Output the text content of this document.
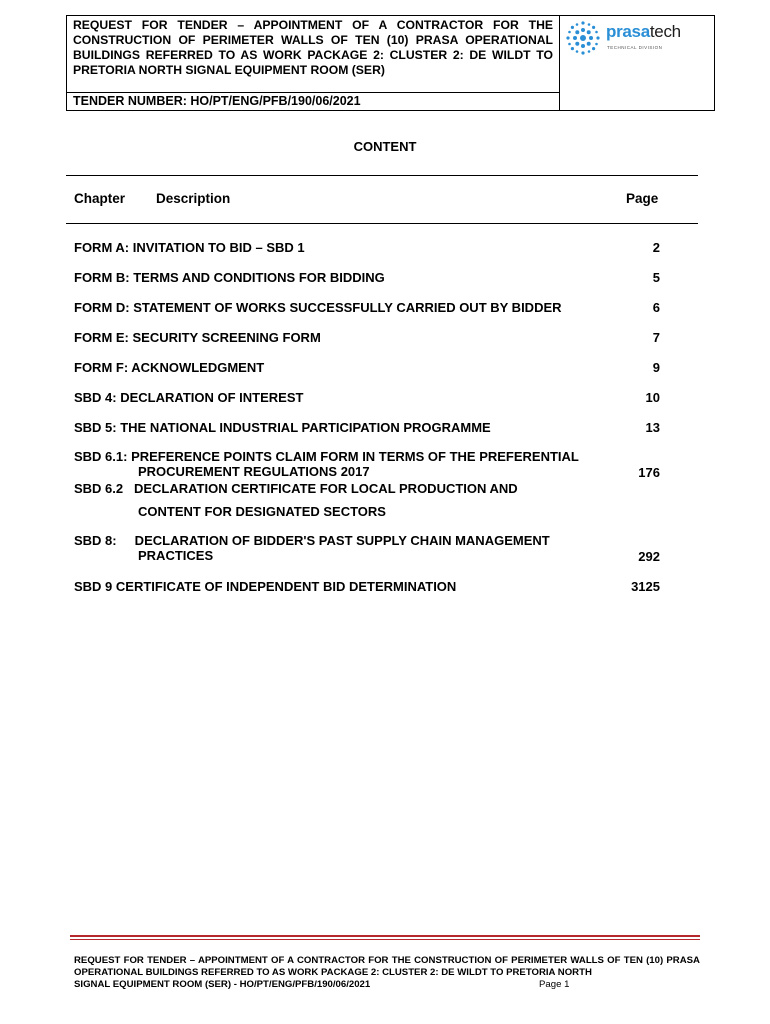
REQUEST FOR TENDER – APPOINTMENT OF A CONTRACTOR FOR THE CONSTRUCTION OF PERIMETER WALLS OF TEN (10) PRASA OPERATIONAL BUILDINGS REFERRED TO AS WORK PACKAGE 2: CLUSTER 2: DE WILDT TO PRETORIA NORTH SIGNAL EQUIPMENT ROOM (SER)
TENDER NUMBER: HO/PT/ENG/PFB/190/06/2021
prasatech
TECHNICAL DIVISION
CONTENT
Chapter Description	Page
FORM A: INVITATION TO BID – SBD 1	2
FORM B: TERMS AND CONDITIONS FOR BIDDING	5
FORM D: STATEMENT OF WORKS SUCCESSFULLY CARRIED OUT BY BIDDER	6
FORM E: SECURITY SCREENING FORM	7
FORM F: ACKNOWLEDGMENT	9
SBD 4: DECLARATION OF INTEREST	10
SBD 5: THE NATIONAL INDUSTRIAL PARTICIPATION PROGRAMME	13
SBD 6.1: PREFERENCE POINTS CLAIM FORM IN TERMS OF THE PREFERENTIAL
PROCUREMENT REGULATIONS 2017	176
SBD 6.2   DECLARATION CERTIFICATE FOR LOCAL PRODUCTION AND
CONTENT FOR DESIGNATED SECTORS
SBD 8:     DECLARATION OF BIDDER'S PAST SUPPLY CHAIN MANAGEMENT
PRACTICES	292
SBD 9 CERTIFICATE OF INDEPENDENT BID DETERMINATION	3125
REQUEST FOR TENDER – APPOINTMENT OF A CONTRACTOR FOR THE CONSTRUCTION OF PERIMETER WALLS OF TEN (10) PRASA OPERATIONAL BUILDINGS REFERRED TO AS WORK PACKAGE 2: CLUSTER 2: DE WILDT TO PRETORIA NORTH
SIGNAL EQUIPMENT ROOM (SER) - HO/PT/ENG/PFB/190/06/2021	Page 1
